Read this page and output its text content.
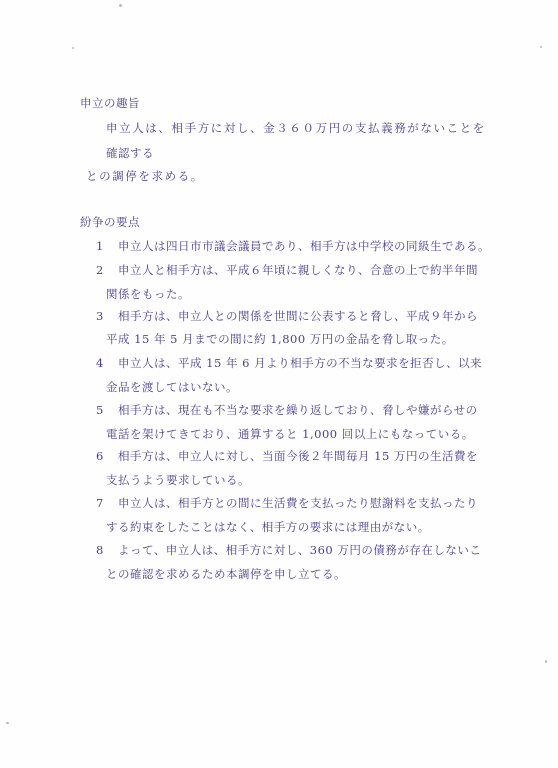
申立の趣旨
申立人は、相手方に対し、金３６０万円の支払義務がないことを
確認する
との調停を求める。
紛争の要点
1 申立人は四日市市議会議員であり、相手方は中学校の同級生である。
2 申立人と相手方は、平成６年頃に親しくなり、合意の上で約半年間
関係をもった。
3 相手方は、申立人との関係を世間に公表すると脅し、平成９年から
平成 15 年 5 月までの間に約 1,800 万円の金品を脅し取った。
4 申立人は、平成 15 年 6 月より相手方の不当な要求を拒否し、以来
金品を渡してはいない。
5 相手方は、現在も不当な要求を繰り返しており、脅しや嫌がらせの
電話を架けてきており、通算すると 1,000 回以上にもなっている。
6 相手方は、申立人に対し、当面今後２年間毎月 15 万円の生活費を
支払うよう要求している。
7 申立人は、相手方との間に生活費を支払ったり慰謝料を支払ったり
する約束をしたことはなく、相手方の要求には理由がない。
8 よって、申立人は、相手方に対し、360 万円の債務が存在しないこ
との確認を求めるため本調停を申し立てる。
